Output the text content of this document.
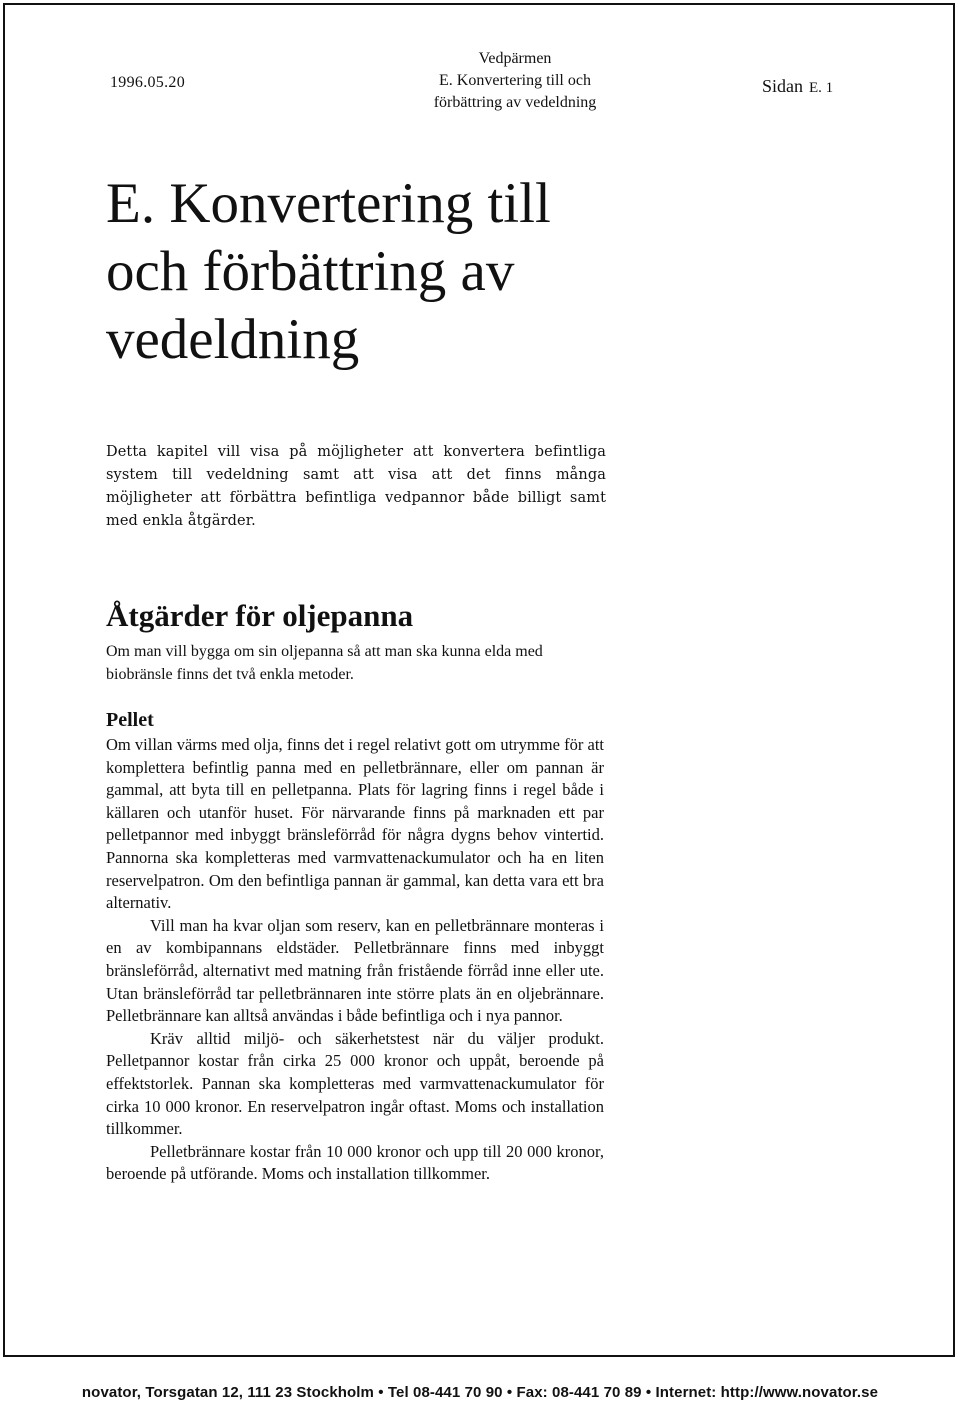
1996.05.20
Vedpärmen
E. Konvertering till och
förbättring av vedeldning
Sidan E. 1
E. Konvertering till och förbättring av vedeldning

Detta kapitel vill visa på möjligheter att konvertera befintliga system till vedeldning samt att visa att det finns många möjligheter att förbättra befintliga vedpannor både billigt samt med enkla åtgärder.

Åtgärder för oljepanna

Om man vill bygga om sin oljepanna så att man ska kunna elda med biobränsle finns det två enkla metoder.

Pellet

Om villan värms med olja, finns det i regel relativt gott om utrymme för att komplettera befintlig panna med en pelletbrännare, eller om pannan är gammal, att byta till en pelletpanna. Plats för lagring finns i regel både i källaren och utanför huset. För närvarande finns på marknaden ett par pelletpannor med inbyggt bränsleförråd för några dygns behov vintertid. Pannorna ska kompletteras med varmvattenackumulator och ha en liten reservelpatron. Om den befintliga pannan är gammal, kan detta vara ett bra alternativ.

Vill man ha kvar oljan som reserv, kan en pelletbrännare monteras i en av kombipannans eldstäder. Pelletbrännare finns med inbyggt bränsleförråd, alternativt med matning från fristående förråd inne eller ute. Utan bränsleförråd tar pelletbrännaren inte större plats än en oljebrännare. Pelletbrännare kan alltså användas i både befintliga och i nya pannor.

Kräv alltid miljö- och säkerhetstest när du väljer produkt. Pelletpannor kostar från cirka 25 000 kronor och uppåt, beroende på effektstorlek. Pannan ska kompletteras med varmvattenackumulator för cirka 10 000 kronor. En reservelpatron ingår oftast. Moms och installation tillkommer.

Pelletbrännare kostar från 10 000 kronor och upp till 20 000 kronor, beroende på utförande. Moms och installation tillkommer.

novator, Torsgatan 12, 111 23 Stockholm • Tel 08-441 70 90 • Fax: 08-441 70 89 • Internet: http://www.novator.se
